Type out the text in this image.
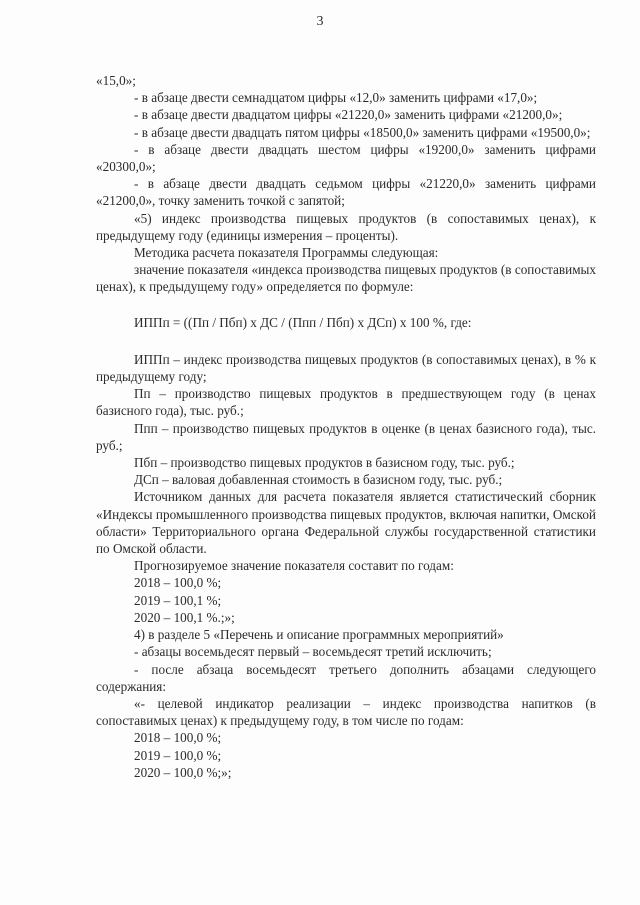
3

«15,0»;

- в абзаце двести семнадцатом цифры «12,0» заменить цифрами «17,0»;

- в абзаце двести двадцатом цифры «21220,0» заменить цифрами «21200,0»;

- в абзаце двести двадцать пятом цифры «18500,0» заменить цифрами «19500,0»;

- в абзаце двести двадцать шестом цифры «19200,0» заменить цифрами «20300,0»;

- в абзаце двести двадцать седьмом цифры «21220,0» заменить цифрами «21200,0», точку заменить точкой с запятой;

«5) индекс производства пищевых продуктов (в сопоставимых ценах), к предыдущему году (единицы измерения – проценты).

Методика расчета показателя Программы следующая:

значение показателя «индекса производства пищевых продуктов (в сопоставимых ценах), к предыдущему году» определяется по формуле:

ИППп = ((Пп / Пбп) х ДС / (Ппп / Пбп) х ДСп) х 100 %, где:

ИППп – индекс производства пищевых продуктов (в сопоставимых ценах), в % к предыдущему году;

Пп – производство пищевых продуктов в предшествующем году (в ценах базисного года), тыс. руб.;

Ппп – производство пищевых продуктов в оценке (в ценах базисного года), тыс. руб.;

Пбп – производство пищевых продуктов в базисном году, тыс. руб.;

ДСп – валовая добавленная стоимость в базисном году, тыс. руб.;

Источником данных для расчета показателя является статистический сборник «Индексы промышленного производства пищевых продуктов, включая напитки, Омской области» Территориального органа Федеральной службы государственной статистики по Омской области.

Прогнозируемое значение показателя составит по годам:

2018 – 100,0 %;

2019 – 100,1 %;

2020 – 100,1 %.;»;

4) в разделе 5 «Перечень и описание программных мероприятий»

- абзацы восемьдесят первый – восемьдесят третий исключить;

- после абзаца восемьдесят третьего дополнить абзацами следующего содержания:

«- целевой индикатор реализации – индекс производства напитков (в сопоставимых ценах) к предыдущему году, в том числе по годам:

2018 – 100,0 %;

2019 – 100,0 %;

2020 – 100,0 %;»;
